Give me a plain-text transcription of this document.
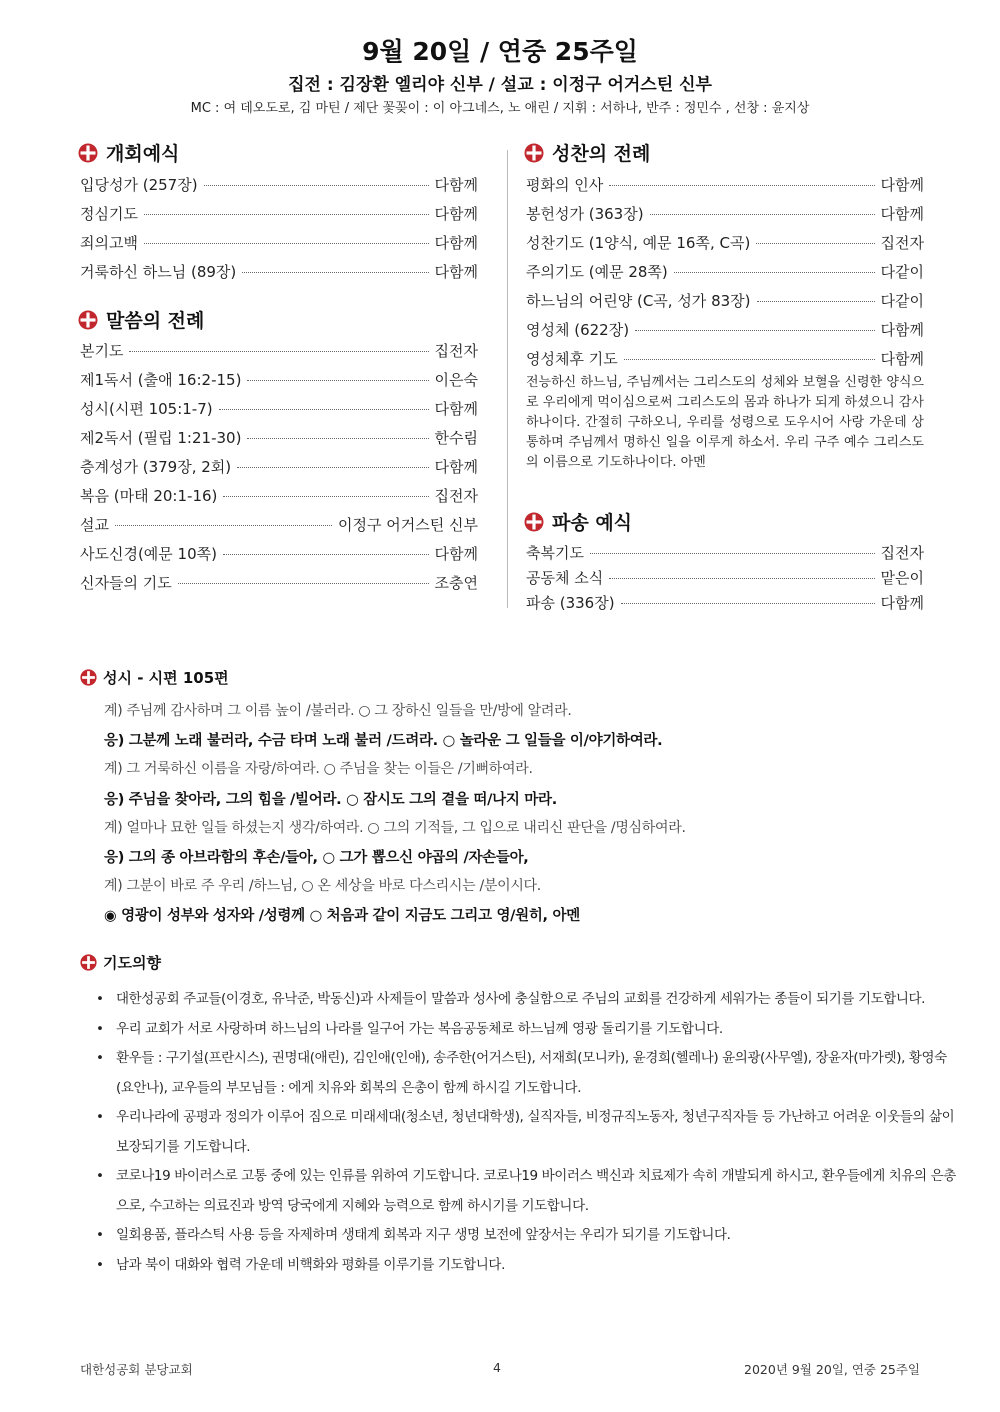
9월 20일 / 연중 25주일
집전 : 김장환 엘리야 신부 / 설교 : 이정구 어거스틴 신부
MC : 여 데오도로, 김 마틴 / 제단 꽃꽂이 : 이 아그네스, 노 애린 / 지휘 : 서하나, 반주 : 정민수 , 선창 : 윤지상
개회예식
입당성가 (257장)	다함께
정심기도	다함께
죄의고백	다함께
거룩하신 하느님 (89장)	다함께
말씀의 전례
본기도	집전자
제1독서 (출애 16:2-15)	이은숙
성시(시편 105:1-7)	다함께
제2독서 (필립 1:21-30)	한수림
층계성가 (379장, 2회)	다함께
복음 (마태 20:1-16)	집전자
설교	이정구 어거스틴 신부
사도신경(예문 10쪽)	다함께
신자들의 기도	조충연
성찬의 전례
평화의 인사	다함께
봉헌성가 (363장)	다함께
성찬기도 (1양식, 예문 16쪽, C곡)	집전자
주의기도 (예문 28쪽)	다같이
하느님의 어린양 (C곡, 성가 83장)	다같이
영성체 (622장)	다함께
영성체후 기도	다함께
전능하신 하느님, 주님께서는 그리스도의 성체와 보혈을 신령한 양식으로 우리에게 먹이심으로써 그리스도의 몸과 하나가 되게 하셨으니 감사하나이다. 간절히 구하오니, 우리를 성령으로 도우시어 사랑 가운데 상통하며 주님께서 명하신 일을 이루게 하소서. 우리 구주 예수 그리스도의 이름으로 기도하나이다. 아멘
파송 예식
축복기도	집전자
공동체 소식	맡은이
파송 (336장)	다함께
성시 - 시편 105편
계) 주님께 감사하며 그 이름 높이 /불러라. ○ 그 장하신 일들을 만/방에 알려라.
응) 그분께 노래 불러라, 수금 타며 노래 불러 /드려라. ○ 놀라운 그 일들을 이/야기하여라.
계) 그 거룩하신 이름을 자랑/하여라. ○ 주님을 찾는 이들은 /기뻐하여라.
응) 주님을 찾아라, 그의 힘을 /빌어라. ○ 잠시도 그의 곁을 떠/나지 마라.
계) 얼마나 묘한 일들 하셨는지 생각/하여라. ○ 그의 기적들, 그 입으로 내리신 판단을 /명심하여라.
응) 그의 종 아브라함의 후손/들아, ○ 그가 뽑으신 야곱의 /자손들아,
계) 그분이 바로 주 우리 /하느님, ○ 온 세상을 바로 다스리시는 /분이시다.
◉ 영광이 성부와 성자와 /성령께 ○ 처음과 같이 지금도 그리고 영/원히, 아멘
기도의향
• 대한성공회 주교들(이경호, 유낙준, 박동신)과 사제들이 말씀과 성사에 충실함으로 주님의 교회를 건강하게 세워가는 종들이 되기를 기도합니다.
• 우리 교회가 서로 사랑하며 하느님의 나라를 일구어 가는 복음공동체로 하느님께 영광 돌리기를 기도합니다.
• 환우들 : 구기설(프란시스), 권명대(애린), 김인애(인애), 송주한(어거스틴), 서재희(모니카), 윤경희(헬레나) 윤의광(사무엘), 장윤자(마가렛), 황영숙(요안나), 교우들의 부모님들 : 에게 치유와 회복의 은총이 함께 하시길 기도합니다.
• 우리나라에 공평과 정의가 이루어 짐으로 미래세대(청소년, 청년대학생), 실직자들, 비정규직노동자, 청년구직자들 등 가난하고 어려운 이웃들의 삶이 보장되기를 기도합니다.
• 코로나19 바이러스로 고통 중에 있는 인류를 위하여 기도합니다. 코로나19 바이러스 백신과 치료제가 속히 개발되게 하시고, 환우들에게 치유의 은총으로, 수고하는 의료진과 방역 당국에게 지혜와 능력으로 함께 하시기를 기도합니다.
• 일회용품, 플라스틱 사용 등을 자제하며 생태계 회복과 지구 생명 보전에 앞장서는 우리가 되기를 기도합니다.
• 남과 북이 대화와 협력 가운데 비핵화와 평화를 이루기를 기도합니다.
대한성공회 분당교회	4	2020년 9월 20일, 연중 25주일
